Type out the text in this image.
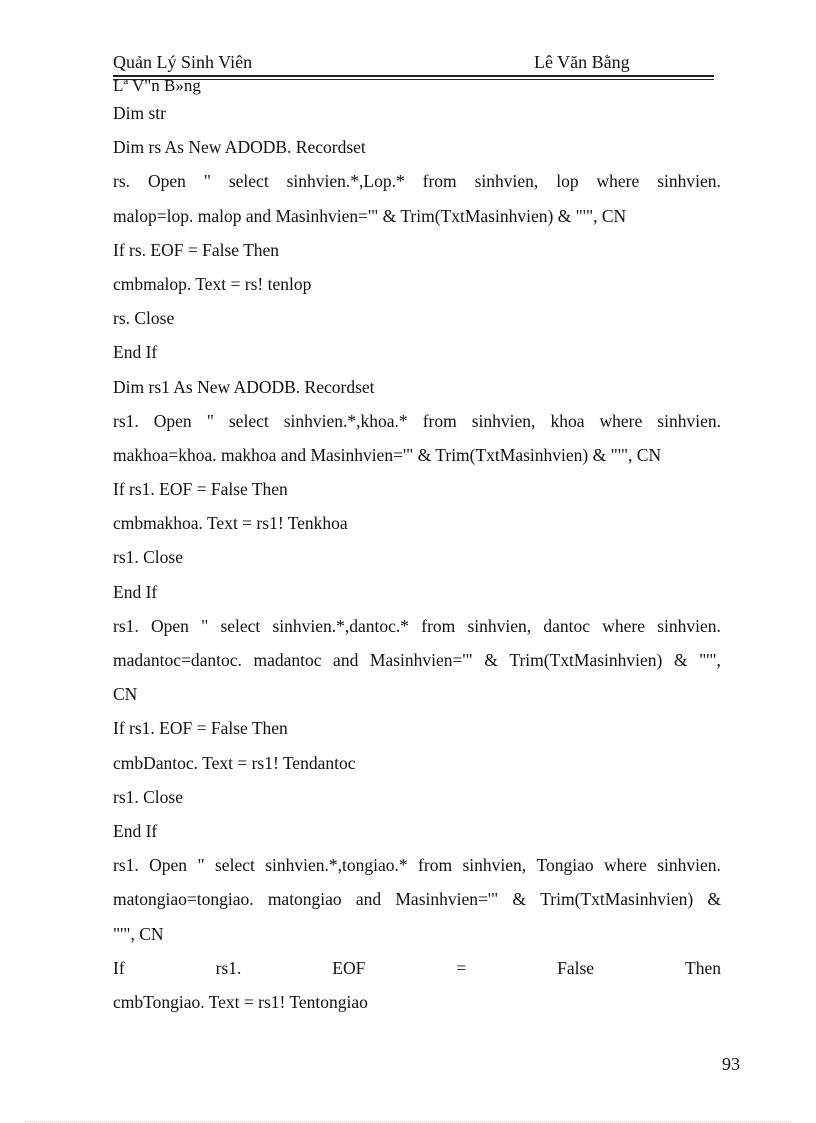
Quản Lý Sinh Viên	Lê Văn Bằng
Lª V"n B»ng
Dim str
Dim rs As New ADODB. Recordset
rs. Open " select sinhvien.*,Lop.* from sinhvien, lop where sinhvien.
malop=lop. malop and Masinhvien='" & Trim(TxtMasinhvien) & "'", CN
If rs. EOF = False Then
cmbmalop. Text = rs! tenlop
rs. Close
End If
Dim rs1 As New ADODB. Recordset
rs1. Open " select sinhvien.*,khoa.* from sinhvien, khoa where sinhvien.
makhoa=khoa. makhoa and Masinhvien='" & Trim(TxtMasinhvien) & "'", CN
If rs1. EOF = False Then
cmbmakhoa. Text = rs1! Tenkhoa
rs1. Close
End If
rs1. Open " select sinhvien.*,dantoc.* from sinhvien, dantoc where sinhvien.
madantoc=dantoc. madantoc and Masinhvien='" & Trim(TxtMasinhvien) & "'",
CN
If rs1. EOF = False Then
cmbDantoc. Text = rs1! Tendantoc
rs1. Close
End If
rs1. Open " select sinhvien.*,tongiao.* from sinhvien, Tongiao where sinhvien.
matongiao=tongiao. matongiao and Masinhvien='" & Trim(TxtMasinhvien) &
"'", CN
If	rs1.	EOF	=	False	Then
cmbTongiao. Text = rs1! Tentongiao
93
